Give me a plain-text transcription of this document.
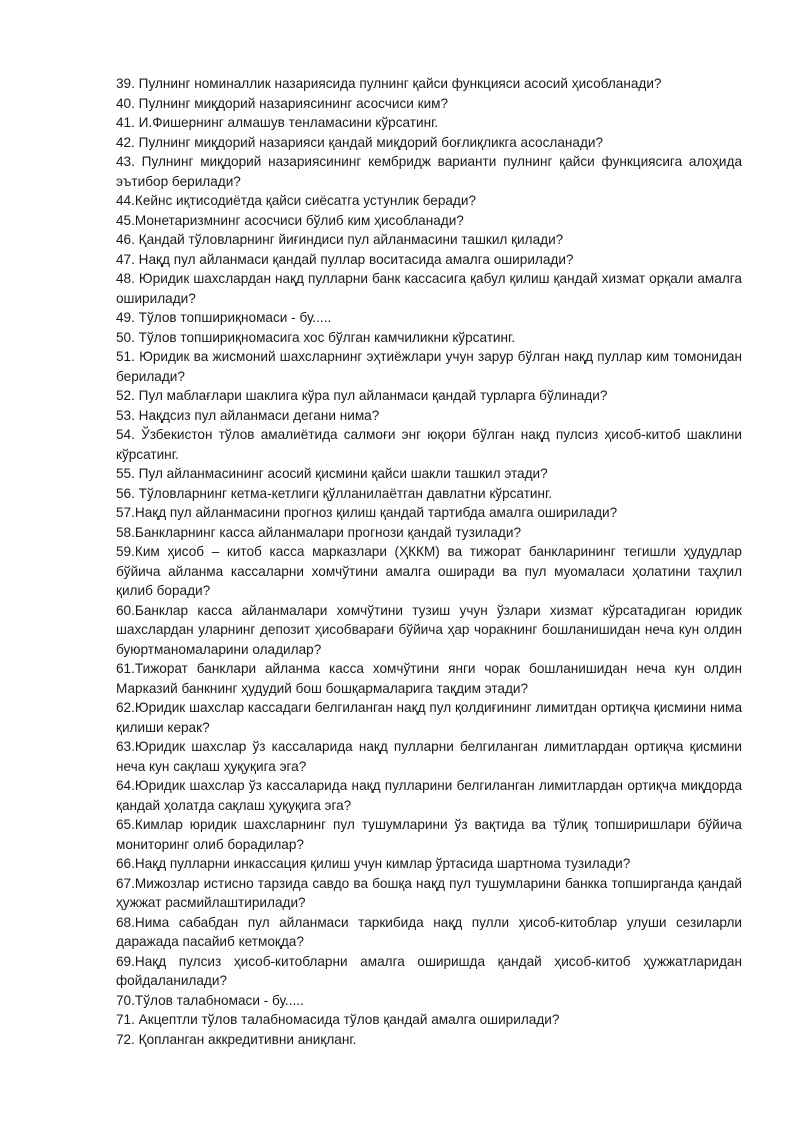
39. Пулнинг номиналлик назариясида пулнинг қайси функцияси асосий ҳисобланади?
40. Пулнинг миқдорий назариясининг асосчиси ким?
41. И.Фишернинг алмашув тенламасини кўрсатинг.
42. Пулнинг миқдорий назарияси қандай миқдорий боғлиқликга асосланади?
43. Пулнинг миқдорий назариясининг кембридж варианти пулнинг қайси функциясига алоҳида эътибор берилади?
44.Кейнс иқтисодиётда қайси сиёсатга устунлик беради?
45.Монетаризмнинг асосчиси бўлиб ким ҳисобланади?
46. Қандай тўловларнинг йиғиндиси пул айланмасини ташкил қилади?
47. Нақд пул айланмаси қандай пуллар воситасида амалга оширилади?
48. Юридик шахслардан нақд пулларни банк кассасига қабул қилиш қандай хизмат орқали амалга оширилади?
49. Тўлов топшириқномаси - бу.....
50. Тўлов топшириқномасига хос бўлган камчиликни кўрсатинг.
51. Юридик ва жисмоний шахсларнинг эҳтиёжлари учун зарур бўлган нақд пуллар ким томонидан берилади?
52. Пул маблағлари шаклига кўра пул айланмаси қандай турларга бўлинади?
53. Нақдсиз пул айланмаси дегани нима?
54. Ўзбекистон тўлов амалиётида салмоғи энг юқори бўлган нақд пулсиз ҳисоб-китоб шаклини кўрсатинг.
55. Пул айланмасининг асосий қисмини қайси шакли ташкил этади?
56. Тўловларнинг кетма-кетлиги қўлланилаётган давлатни кўрсатинг.
57.Нақд пул айланмасини прогноз қилиш қандай тартибда амалга оширилади?
58.Банкларнинг касса айланмалари прогнози қандай тузилади?
59.Ким ҳисоб – китоб касса марказлари (ҲККМ) ва тижорат банкларининг тегишли ҳудудлар бўйича айланма кассаларни хомчўтини амалга оширади ва пул муомаласи ҳолатини таҳлил қилиб боради?
60.Банклар касса айланмалари хомчўтини тузиш учун ўзлари хизмат кўрсатадиган юридик шахслардан уларнинг депозит ҳисобварағи бўйича ҳар чоракнинг бошланишидан неча кун олдин буюртманомаларини оладилар?
61.Тижорат банклари айланма касса хомчўтини янги чорак бошланишидан неча кун олдин Марказий банкнинг ҳудудий бош бошқармаларига тақдим этади?
62.Юридик шахслар кассадаги белгиланган нақд пул қолдиғининг лимитдан ортиқча қисмини нима қилиши керак?
63.Юридик шахслар ўз кассаларида нақд пулларни белгиланган лимитлардан ортиқча қисмини неча кун сақлаш ҳуқуқига эга?
64.Юридик шахслар ўз кассаларида нақд пулларини белгиланган лимитлардан ортиқча миқдорда қандай ҳолатда сақлаш ҳуқуқига эга?
65.Кимлар юридик шахсларнинг пул тушумларини ўз вақтида ва тўлиқ топширишлари бўйича мониторинг олиб борадилар?
66.Нақд пулларни инкассация қилиш учун кимлар ўртасида шартнома тузилади?
67.Мижозлар истисно тарзида савдо ва бошқа нақд пул тушумларини банкка топширганда қандай ҳужжат расмийлаштирилади?
68.Нима сабабдан пул айланмаси таркибида нақд пулли ҳисоб-китоблар улуши сезиларли даражада пасайиб кетмоқда?
69.Нақд пулсиз ҳисоб-китобларни амалга оширишда қандай ҳисоб-китоб ҳужжатларидан фойдаланилади?
70.Тўлов талабномаси - бу.....
71. Акцептли тўлов талабномасида тўлов қандай амалга оширилади?
72. Қопланган аккредитивни аниқланг.
